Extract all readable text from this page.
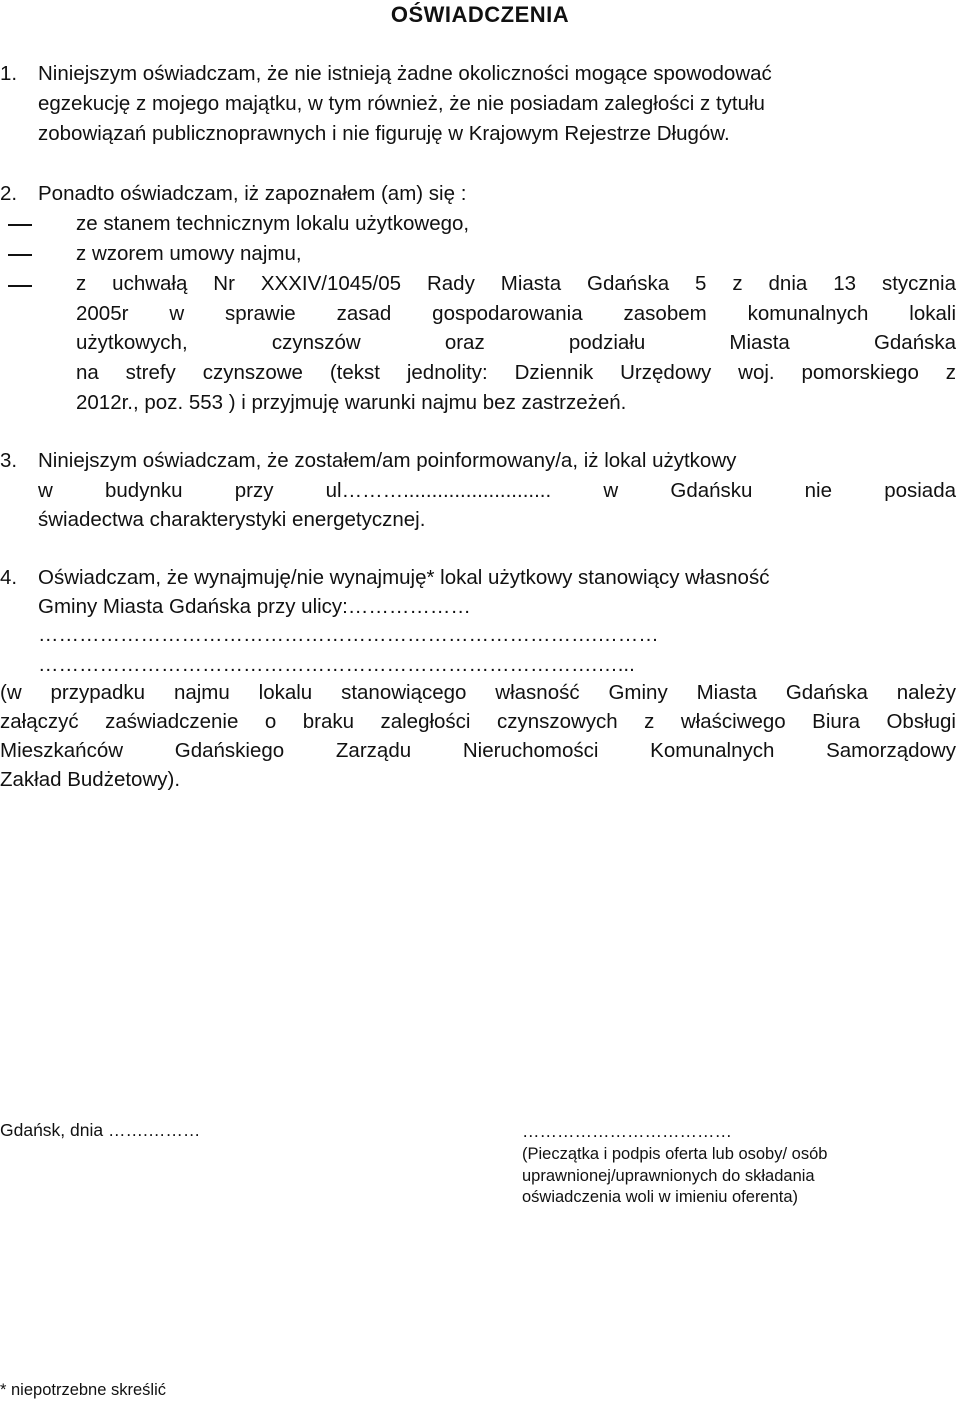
OŚWIADCZENIA
1. Niniejszym oświadczam, że nie istnieją żadne okoliczności mogące spowodować
egzekucję z mojego majątku, w tym również, że nie posiadam zaległości z tytułu
zobowiązań publicznoprawnych i nie figuruję w Krajowym Rejestrze Długów.
2. Ponadto oświadczam, iż zapoznałem (am) się :
ze stanem technicznym lokalu użytkowego,
z wzorem umowy najmu,
z uchwałą Nr XXXIV/1045/05 Rady Miasta Gdańska 5 z dnia 13 stycznia
2005r w sprawie zasad gospodarowania zasobem komunalnych lokali
użytkowych, czynszów oraz podziału Miasta Gdańska
na strefy czynszowe (tekst jednolity: Dziennik Urzędowy woj. pomorskiego z
2012r., poz. 553 ) i przyjmuję warunki najmu bez zastrzeżeń.
3. Niniejszym oświadczam, że zostałem/am poinformowany/a, iż lokal użytkowy
w budynku przy ul……….......................... w Gdańsku nie posiada
świadectwa charakterystyki energetycznej.
4. Oświadczam, że wynajmuję/nie wynajmuję* lokal użytkowy stanowiący własność
Gminy Miasta Gdańska przy ulicy:………………
……………………………………………………………………….………
……………………………………………………………………….…...
(w przypadku najmu lokalu stanowiącego własność Gminy Miasta Gdańska należy
załączyć zaświadczenie o braku zaległości czynszowych z właściwego Biura Obsługi
Mieszkańców Gdańskiego Zarządu Nieruchomości Komunalnych Samorządowy
Zakład Budżetowy).
Gdańsk, dnia …….………	………………………………
(Pieczątka i podpis oferta lub osoby/ osób
uprawnionej/uprawnionych do składania
oświadczenia woli w imieniu oferenta)
* niepotrzebne skreślić
